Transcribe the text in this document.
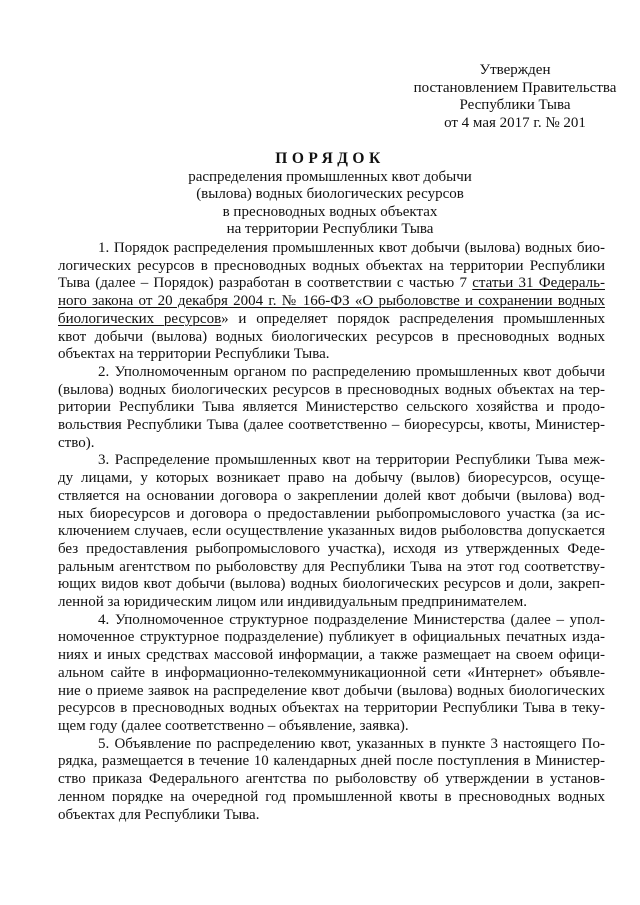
Утвержден
постановлением Правительства
Республики Тыва
от 4 мая 2017 г. № 201
ПОРЯДОК
распределения промышленных квот добычи
(вылова) водных биологических ресурсов
в пресноводных водных объектах
на территории Республики Тыва
1. Порядок распределения промышленных квот добычи (вылова) водных био-
логических ресурсов в пресноводных водных объектах на территории Республики
Тыва (далее – Порядок) разработан в соответствии с частью 7 статьи 31 Федераль-
ного закона от 20 декабря 2004 г. № 166-ФЗ «О рыболовстве и сохранении водных
биологических ресурсов» и определяет порядок распределения промышленных
квот добычи (вылова) водных биологических ресурсов в пресноводных водных
объектах на территории Республики Тыва.
2. Уполномоченным органом по распределению промышленных квот добычи
(вылова) водных биологических ресурсов в пресноводных водных объектах на тер-
ритории Республики Тыва является Министерство сельского хозяйства и продо-
вольствия Республики Тыва (далее соответственно – биоресурсы, квоты, Министер-
ство).
3. Распределение промышленных квот на территории Республики Тыва меж-
ду лицами, у которых возникает право на добычу (вылов) биоресурсов, осуще-
ствляется на основании договора о закреплении долей квот добычи (вылова) вод-
ных биоресурсов и договора о предоставлении рыбопромыслового участка (за ис-
ключением случаев, если осуществление указанных видов рыболовства допускается
без предоставления рыбопромыслового участка), исходя из утвержденных Феде-
ральным агентством по рыболовству для Республики Тыва на этот год соответству-
ющих видов квот добычи (вылова) водных биологических ресурсов и доли, закреп-
ленной за юридическим лицом или индивидуальным предпринимателем.
4. Уполномоченное структурное подразделение Министерства (далее – упол-
номоченное структурное подразделение) публикует в официальных печатных изда-
ниях и иных средствах массовой информации, а также размещает на своем офици-
альном сайте в информационно-телекоммуникационной сети «Интернет» объявле-
ние о приеме заявок на распределение квот добычи (вылова) водных биологических
ресурсов в пресноводных водных объектах на территории Республики Тыва в теку-
щем году (далее соответственно – объявление, заявка).
5. Объявление по распределению квот, указанных в пункте 3 настоящего По-
рядка, размещается в течение 10 календарных дней после поступления в Министер-
ство приказа Федерального агентства по рыболовству об утверждении в установ-
ленном порядке на очередной год промышленной квоты в пресноводных водных
объектах для Республики Тыва.
